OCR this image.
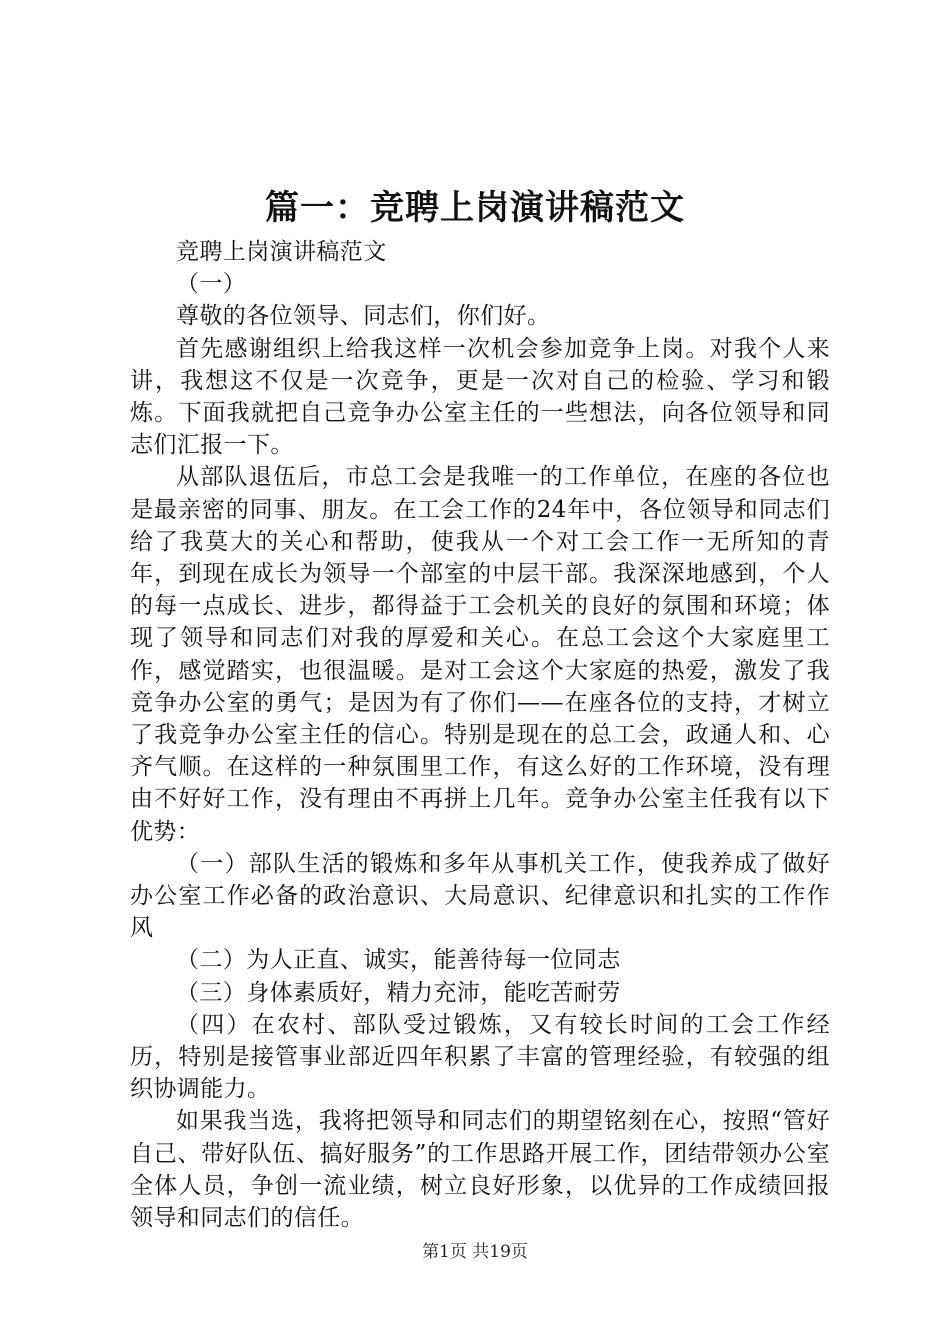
篇一：竞聘上岗演讲稿范文

竞聘上岗演讲稿范文

（一）

尊敬的各位领导、同志们，你们好。

首先感谢组织上给我这样一次机会参加竞争上岗。对我个人来讲，我想这不仅是一次竞争，更是一次对自己的检验、学习和锻炼。下面我就把自己竞争办公室主任的一些想法，向各位领导和同志们汇报一下。

从部队退伍后，市总工会是我唯一的工作单位，在座的各位也是最亲密的同事、朋友。在工会工作的24年中，各位领导和同志们给了我莫大的关心和帮助，使我从一个对工会工作一无所知的青年，到现在成长为领导一个部室的中层干部。我深深地感到，个人的每一点成长、进步，都得益于工会机关的良好的氛围和环境；体现了领导和同志们对我的厚爱和关心。在总工会这个大家庭里工作，感觉踏实，也很温暖。是对工会这个大家庭的热爱，激发了我竞争办公室的勇气；是因为有了你们——在座各位的支持，才树立了我竞争办公室主任的信心。特别是现在的总工会，政通人和、心齐气顺。在这样的一种氛围里工作，有这么好的工作环境，没有理由不好好工作，没有理由不再拼上几年。竞争办公室主任我有以下优势：

（一）部队生活的锻炼和多年从事机关工作，使我养成了做好办公室工作必备的政治意识、大局意识、纪律意识和扎实的工作作风

（二）为人正直、诚实，能善待每一位同志

（三）身体素质好，精力充沛，能吃苦耐劳

（四）在农村、部队受过锻炼，又有较长时间的工会工作经历，特别是接管事业部近四年积累了丰富的管理经验，有较强的组织协调能力。

如果我当选，我将把领导和同志们的期望铭刻在心，按照“管好自己、带好队伍、搞好服务”的工作思路开展工作，团结带领办公室全体人员，争创一流业绩，树立良好形象，以优异的工作成绩回报领导和同志们的信任。

第1页 共19页
